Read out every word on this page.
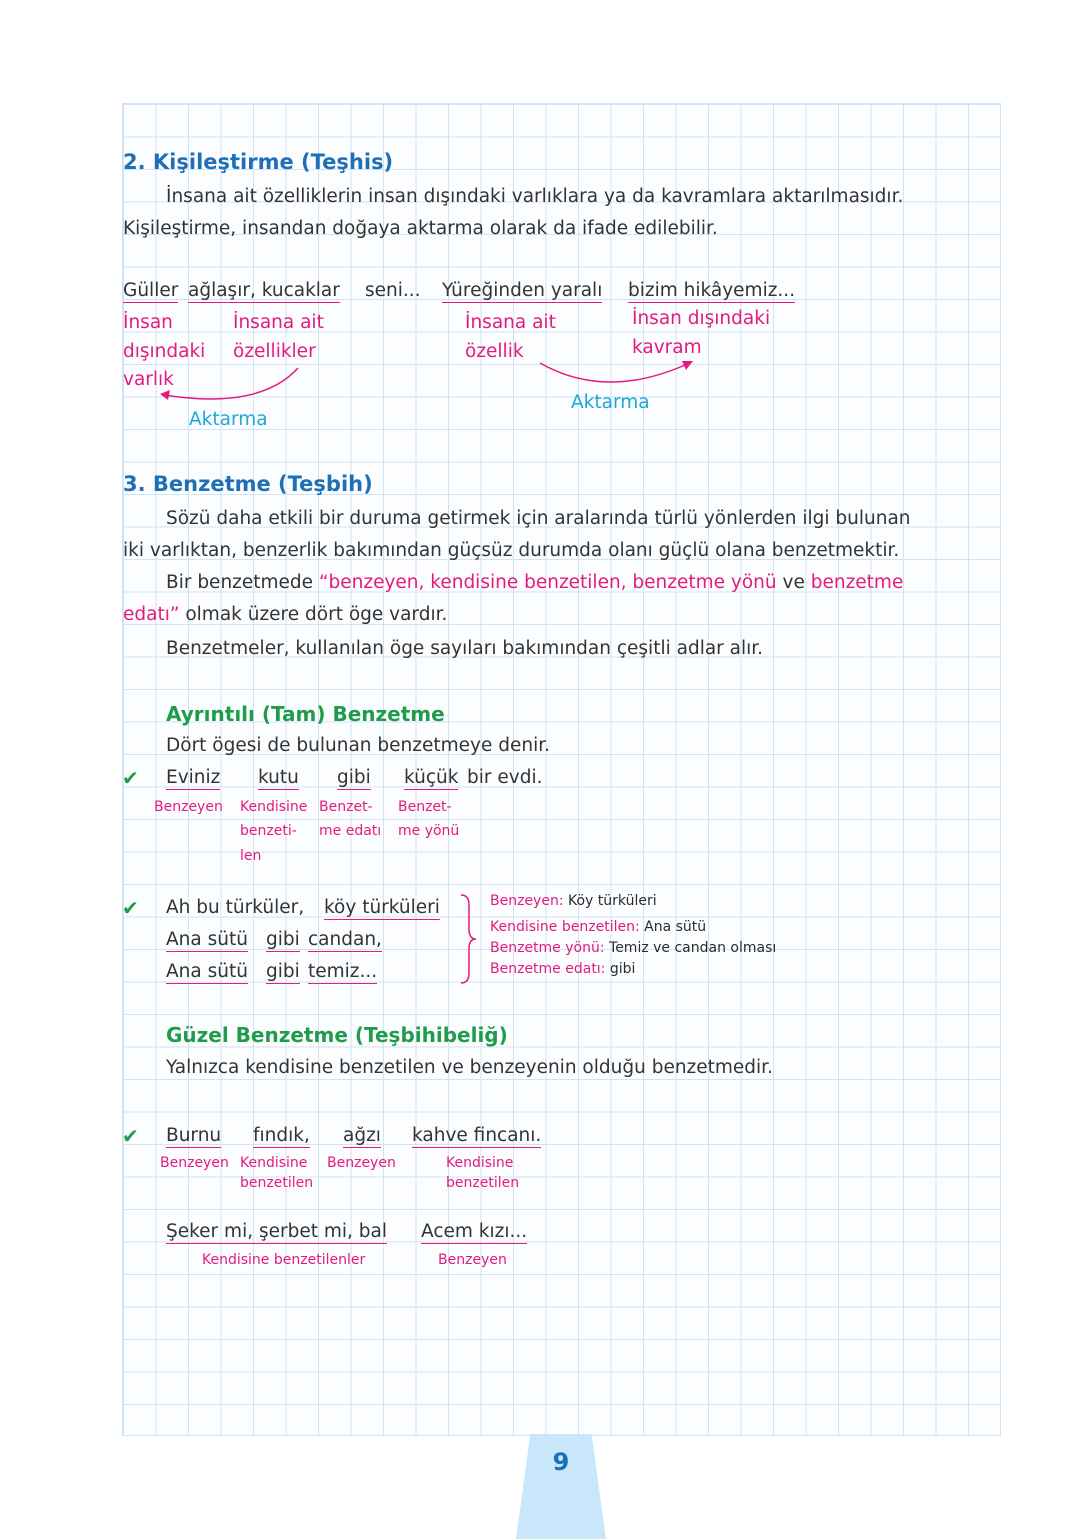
2. Kişileştirme (Teşhis)
İnsana ait özelliklerin insan dışındaki varlıklara ya da kavramlara aktarılmasıdır.
Kişileştirme, insandan doğaya aktarma olarak da ifade edilebilir.
Güller ağlaşır, kucaklar seni...
İnsan
dışındaki
varlık
İnsana ait
özellikler
Aktarma
Yüreğinden yaralı bizim hikâyemiz...
İnsana ait
özellik
İnsan dışındaki
kavram
Aktarma
3. Benzetme (Teşbih)
Sözü daha etkili bir duruma getirmek için aralarında türlü yönlerden ilgi bulunan
iki varlıktan, benzerlik bakımından güçsüz durumda olanı güçlü olana benzetmektir.
Bir benzetmede “benzeyen, kendisine benzetilen, benzetme yönü ve benzetme
edatı” olmak üzere dört öge vardır.
Benzetmeler, kullanılan öge sayıları bakımından çeşitli adlar alır.
Ayrıntılı (Tam) Benzetme
Dört ögesi de bulunan benzetmeye denir.
✔ Eviniz kutu gibi küçük bir evdi.
Benzeyen Kendisine
benzeti-
len
Benzet-
me edatı
Benzet-
me yönü
✔ Ah bu türküler, köy türküleri
Ana sütü gibi candan,
Ana sütü gibi temiz...
Benzeyen: Köy türküleri
Kendisine benzetilen: Ana sütü
Benzetme yönü: Temiz ve candan olması
Benzetme edatı: gibi
Güzel Benzetme (Teşbihibeliğ)
Yalnızca kendisine benzetilen ve benzeyenin olduğu benzetmedir.
✔ Burnu fındık, ağzı kahve fincanı.
Benzeyen Kendisine
benzetilen
Benzeyen	Kendisine
benzetilen
Şeker mi, şerbet mi, bal Acem kızı...
Kendisine benzetilenler	Benzeyen
9
